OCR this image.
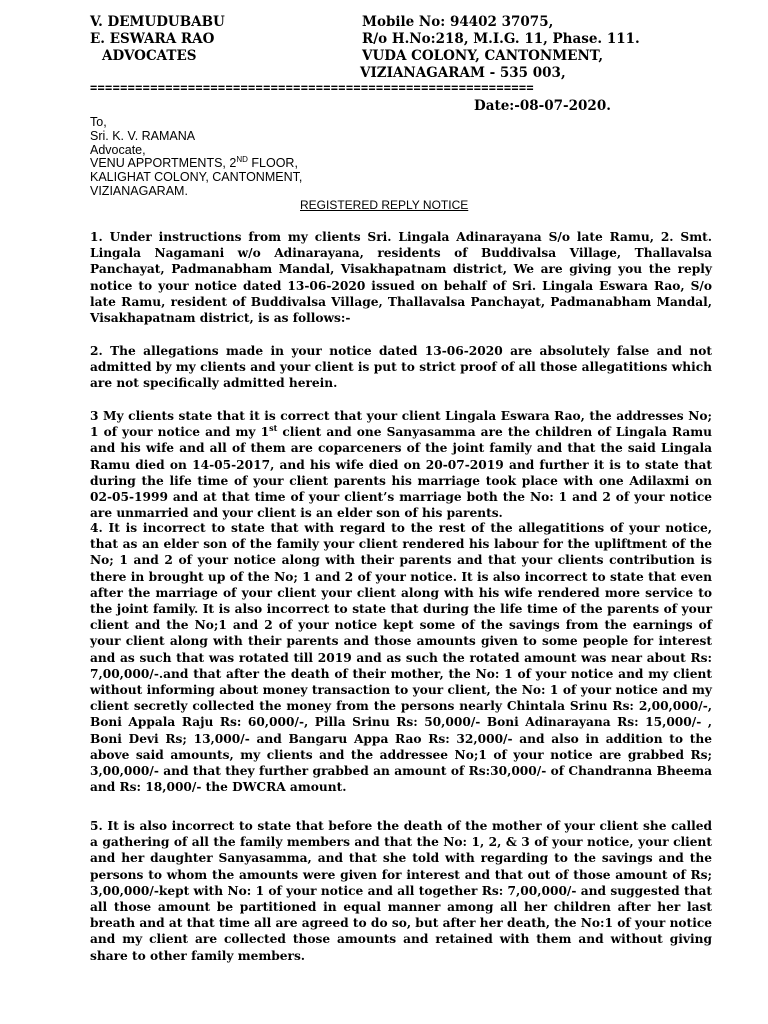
V. DEMUDUBABU
E. ESWARA RAO
ADVOCATES
Mobile No: 94402 37075,
R/o H.No:218, M.I.G. 11, Phase. 111.
VUDA COLONY, CANTONMENT,
VIZIANAGARAM - 535 003,
===========================================================
Date:-08-07-2020.
To,
Sri. K. V. RAMANA
Advocate,
VENU APPORTMENTS, 2ND FLOOR,
KALIGHAT COLONY, CANTONMENT,
VIZIANAGARAM.
REGISTERED REPLY NOTICE
1. Under instructions from my clients Sri. Lingala Adinarayana S/o late Ramu, 2. Smt. Lingala Nagamani w/o Adinarayana, residents of Buddivalsa Village, Thallavalsa Panchayat, Padmanabham Mandal, Visakhapatnam district, We are giving you the reply notice to your notice dated 13-06-2020 issued on behalf of Sri. Lingala Eswara Rao, S/o late Ramu, resident of Buddivalsa Village, Thallavalsa Panchayat, Padmanabham Mandal, Visakhapatnam district, is as follows:-
2. The allegations made in your notice dated 13-06-2020 are absolutely false and not admitted by my clients and your client is put to strict proof of all those allegatitions which are not specifically admitted herein.
3 My clients state that it is correct that your client Lingala Eswara Rao, the addresses No; 1 of your notice and my 1st client and one Sanyasamma are the children of Lingala Ramu and his wife and all of them are coparceners of the joint family and that the said Lingala Ramu died on 14-05-2017, and his wife died on 20-07-2019 and further it is to state that during the life time of your client parents his marriage took place with one Adilaxmi on 02-05-1999 and at that time of your client’s marriage both the No: 1 and 2 of your notice are unmarried and your client is an elder son of his parents.
4. It is incorrect to state that with regard to the rest of the allegatitions of your notice, that as an elder son of the family your client rendered his labour for the upliftment of the No; 1 and 2 of your notice along with their parents and that your clients contribution is there in brought up of the No; 1 and 2 of your notice. It is also incorrect to state that even after the marriage of your client your client along with his wife rendered more service to the joint family. It is also incorrect to state that during the life time of the parents of your client and the No;1 and 2 of your notice kept some of the savings from the earnings of your client along with their parents and those amounts given to some people for interest and as such that was rotated till 2019 and as such the rotated amount was near about Rs: 7,00,000/-.and that after the death of their mother, the No: 1 of your notice and my client without informing about money transaction to your client, the No: 1 of your notice and my client secretly collected the money from the persons nearly Chintala Srinu Rs: 2,00,000/-, Boni Appala Raju Rs: 60,000/-, Pilla Srinu Rs: 50,000/- Boni Adinarayana Rs: 15,000/- , Boni Devi Rs; 13,000/- and Bangaru Appa Rao Rs: 32,000/- and also in addition to the above said amounts, my clients and the addressee No;1 of your notice are grabbed Rs; 3,00,000/- and that they further grabbed an amount of Rs:30,000/- of Chandranna Bheema and Rs: 18,000/- the DWCRA amount.
5. It is also incorrect to state that before the death of the mother of your client she called a gathering of all the family members and that the No: 1, 2, & 3 of your notice, your client and her daughter Sanyasamma, and that she told with regarding to the savings and the persons to whom the amounts were given for interest and that out of those amount of Rs; 3,00,000/-kept with No: 1 of your notice and all together Rs: 7,00,000/- and suggested that all those amount be partitioned in equal manner among all her children after her last breath and at that time all are agreed to do so, but after her death, the No:1 of your notice and my client are collected those amounts and retained with them and without giving share to other family members.
